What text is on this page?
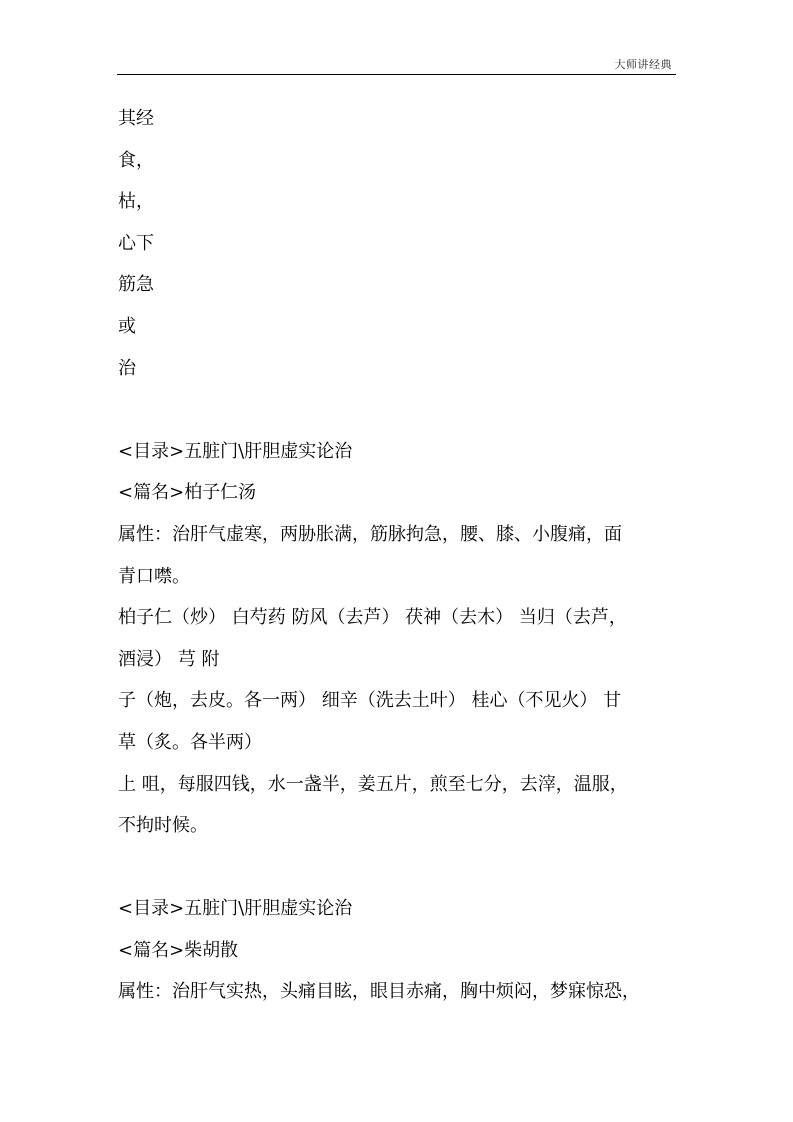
大师讲经典
其经
食，
枯，
心下
筋急
或
治
<目录>五脏门\肝胆虚实论治
<篇名>柏子仁汤
属性：治肝气虚寒，两胁胀满，筋脉拘急，腰、膝、小腹痛，面
青口噤。
柏子仁（炒） 白芍药 防风（去芦） 茯神（去木） 当归（去芦，
酒浸） 芎 附
子（炮，去皮。各一两） 细辛（洗去土叶） 桂心（不见火） 甘
草（炙。各半两）
上 咀，每服四钱，水一盏半，姜五片，煎至七分，去滓，温服，
不拘时候。
<目录>五脏门\肝胆虚实论治
<篇名>柴胡散
属性：治肝气实热，头痛目眩，眼目赤痛，胸中烦闷，梦寐惊恐，
